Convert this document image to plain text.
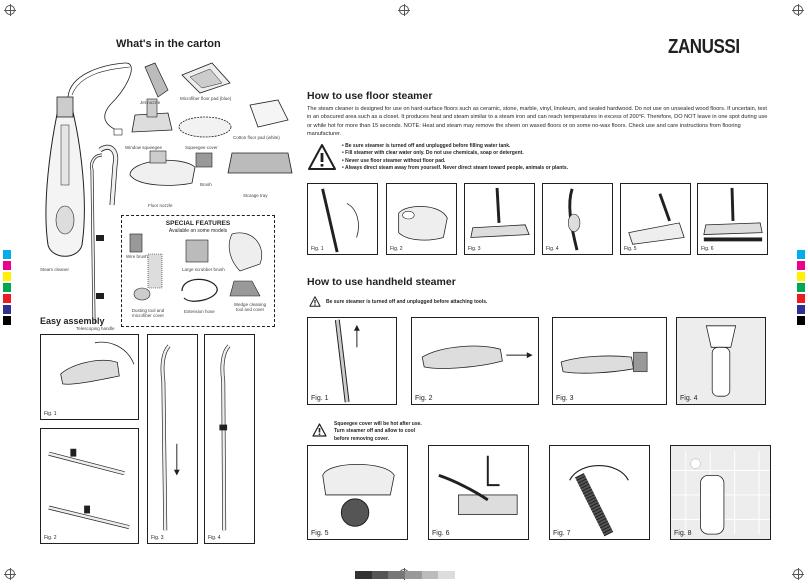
What's in the carton
Steam cleaner
Telescoping handle
Jet nozzle
Microfiber floor pad (blue)
Window squeegee	Squeegee cover
Cotton floor pad (white)
Brush
Storage tray
Floor nozzle
SPECIAL FEATURES
Available on some models
Wire brush
Large scrubber brush
Dusting tool and microfiber cover
Extension hose
Wedge cleaning tool and cover
Easy assembly
Fig. 1
Fig. 2	Fig. 3	Fig. 4
ZANUSSI
How to use floor steamer
The steam cleaner is designed for use on hard-surface floors such as ceramic, stone, marble, vinyl, linoleum, and sealed hardwood. Do not use on unsealed wood floors. If uncertain, test in an obscured area such as a closet. It produces heat and steam similar to a steam iron and can reach temperatures in excess of 200°F. Therefore, DO NOT leave in one spot during use or while hot for more than 15 seconds. NOTE: Heat and steam may remove the sheen on waxed floors or on some no-wax floors. Check use and care instructions from flooring manufacturer.
• Be sure steamer is turned off and unplugged before filling water tank.
• Fill steamer with clear water only. Do not use chemicals, soap or detergent.
• Never use floor steamer without floor pad.
• Always direct steam away from yourself. Never direct steam toward people, animals or plants.
Fig. 1	Fig. 2	Fig. 3	Fig. 4	Fig. 5	Fig. 6
How to use handheld steamer
Be sure steamer is turned off and unplugged before attaching tools.
Fig. 1	Fig. 2	Fig. 3	Fig. 4
Squeegee cover will be hot after use.
Turn steamer off and allow to cool
before removing cover.
Fig. 5	Fig. 6	Fig. 7	Fig. 8
